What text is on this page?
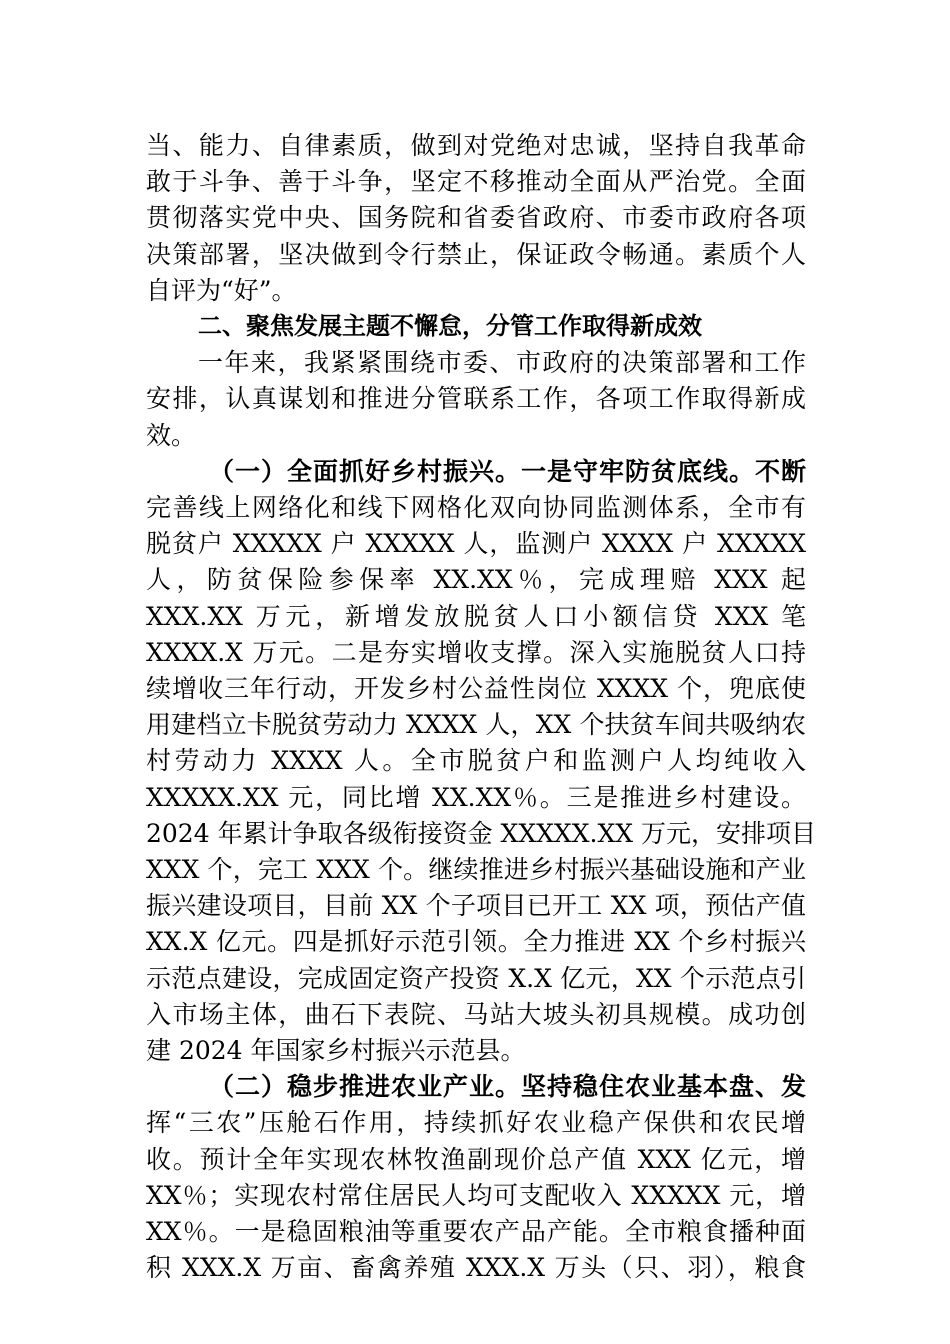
当、能力、自律素质，做到对党绝对忠诚，坚持自我革命
敢于斗争、善于斗争，坚定不移推动全面从严治党。全面
贯彻落实党中央、国务院和省委省政府、市委市政府各项
决策部署，坚决做到令行禁止，保证政令畅通。素质个人
自评为“好”。
二、聚焦发展主题不懈怠，分管工作取得新成效
一年来，我紧紧围绕市委、市政府的决策部署和工作
安排，认真谋划和推进分管联系工作，各项工作取得新成
效。
（一）全面抓好乡村振兴。一是守牢防贫底线。不断
完善线上网络化和线下网格化双向协同监测体系，全市有
脱贫户 XXXXX 户 XXXXX 人，监测户 XXXX 户 XXXXX
人，防贫保险参保率 XX.XX％，完成理赔 XXX 起
XXX.XX 万元，新增发放脱贫人口小额信贷 XXX 笔
XXXX.X 万元。二是夯实增收支撑。深入实施脱贫人口持
续增收三年行动，开发乡村公益性岗位 XXXX 个，兜底使
用建档立卡脱贫劳动力 XXXX 人，XX 个扶贫车间共吸纳农
村劳动力 XXXX 人。全市脱贫户和监测户人均纯收入
XXXXX.XX 元，同比增 XX.XX％。三是推进乡村建设。
2024 年累计争取各级衔接资金 XXXXX.XX 万元，安排项目
XXX 个，完工 XXX 个。继续推进乡村振兴基础设施和产业
振兴建设项目，目前 XX 个子项目已开工 XX 项，预估产值
XX.X 亿元。四是抓好示范引领。全力推进 XX 个乡村振兴
示范点建设，完成固定资产投资 X.X 亿元，XX 个示范点引
入市场主体，曲石下表院、马站大坡头初具规模。成功创
建 2024 年国家乡村振兴示范县。
（二）稳步推进农业产业。坚持稳住农业基本盘、发
挥“三农”压舱石作用，持续抓好农业稳产保供和农民增
收。预计全年实现农林牧渔副现价总产值 XXX 亿元，增
XX％；实现农村常住居民人均可支配收入 XXXXX 元，增
XX％。一是稳固粮油等重要农产品产能。全市粮食播种面
积 XXX.X 万亩、畜禽养殖 XXX.X 万头（只、羽），粮食
